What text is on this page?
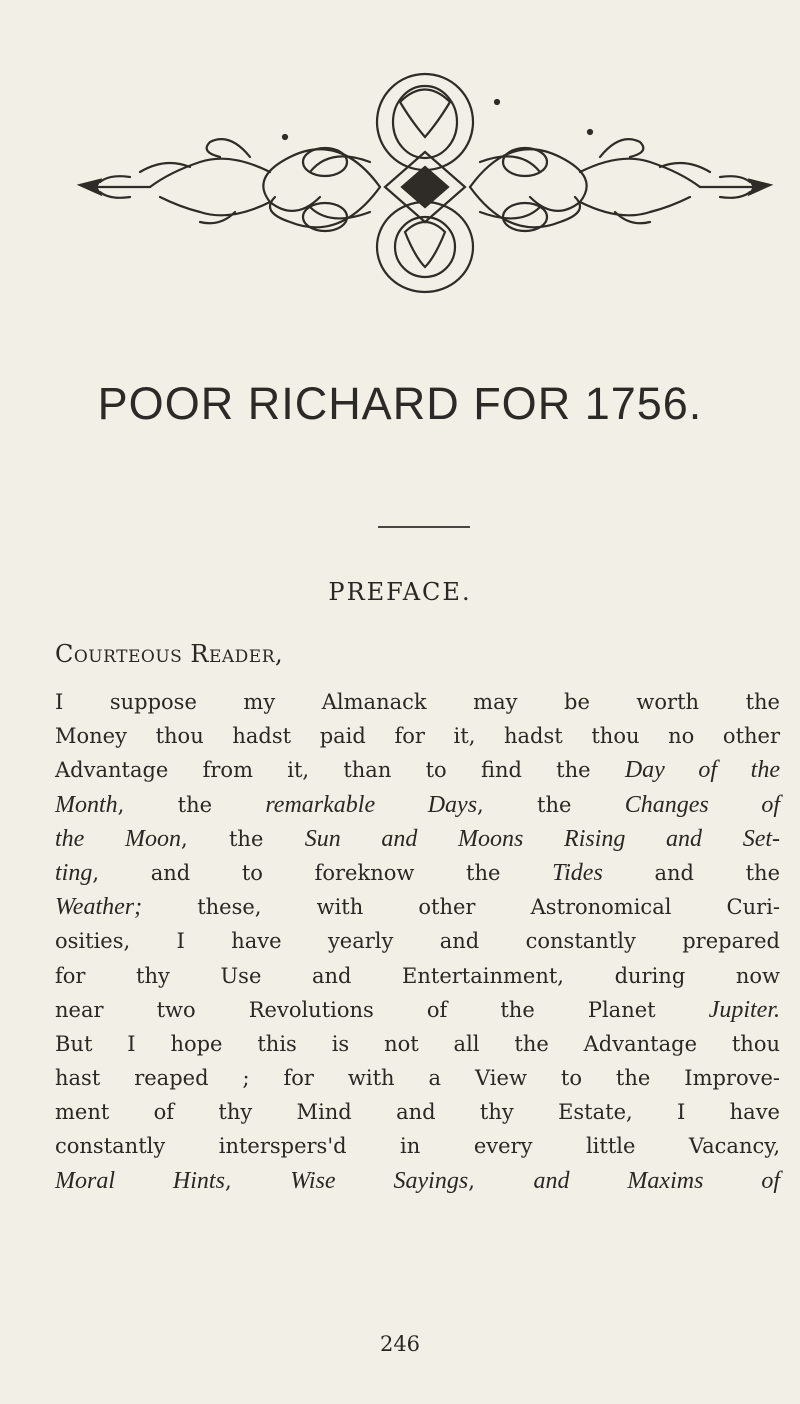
POOR RICHARD FOR 1756.
PREFACE.
Courteous Reader,
I suppose my Almanack may be worth the
Money thou hadst paid for it, hadst thou no other
Advantage from it, than to find the Day of the
Month, the remarkable Days, the Changes of
the Moon, the Sun and Moons Rising and Set-
ting, and to foreknow the Tides and the
Weather; these, with other Astronomical Curi-
osities, I have yearly and constantly prepared
for thy Use and Entertainment, during now
near two Revolutions of the Planet Jupiter.
But I hope this is not all the Advantage thou
hast reaped ; for with a View to the Improve-
ment of thy Mind and thy Estate, I have
constantly interspers'd in every little Vacancy,
Moral Hints, Wise Sayings, and Maxims of
246
